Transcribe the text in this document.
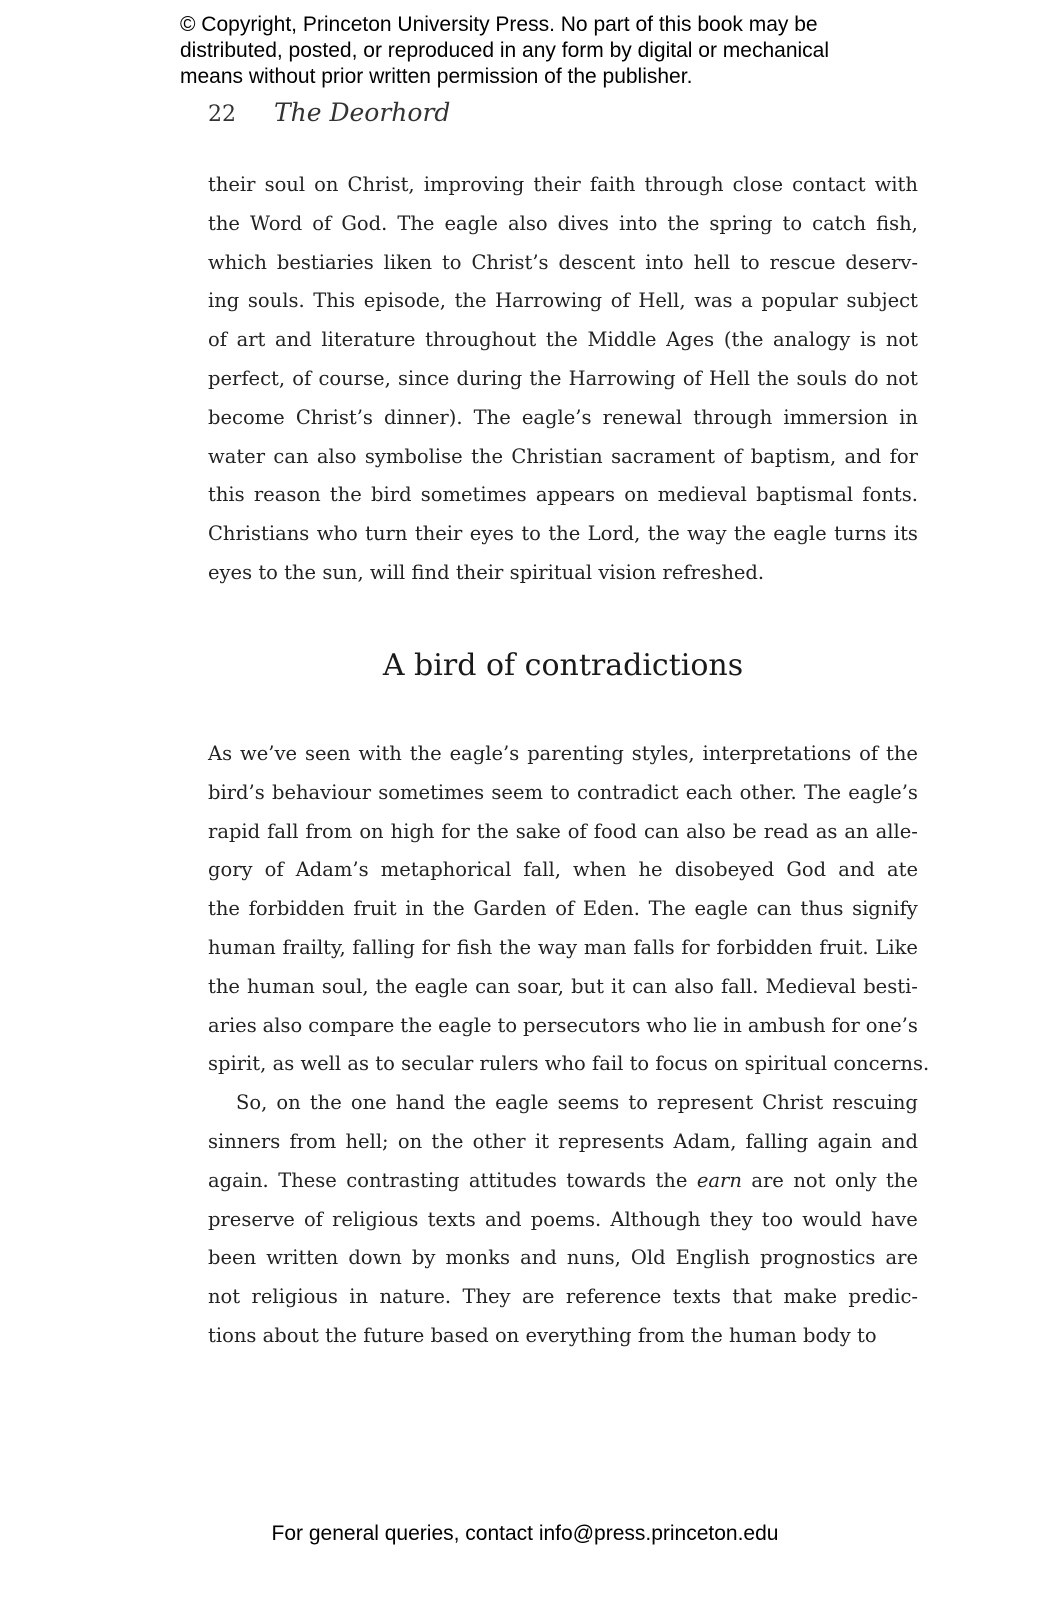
© Copyright, Princeton University Press. No part of this book may be
distributed, posted, or reproduced in any form by digital or mechanical
means without prior written permission of the publisher.
22 The Deorhord
their soul on Christ, improving their faith through close contact with
the Word of God. The eagle also dives into the spring to catch fish,
which bestiaries liken to Christ’s descent into hell to rescue deserv-
ing souls. This episode, the Harrowing of Hell, was a popular subject
of art and literature throughout the Middle Ages (the analogy is not
perfect, of course, since during the Harrowing of Hell the souls do not
become Christ’s dinner). The eagle’s renewal through immersion in
water can also symbolise the Christian sacrament of baptism, and for
this reason the bird sometimes appears on medieval baptismal fonts.
Christians who turn their eyes to the Lord, the way the eagle turns its
eyes to the sun, will find their spiritual vision refreshed.
A bird of contradictions
As we’ve seen with the eagle’s parenting styles, interpretations of the
bird’s behaviour sometimes seem to contradict each other. The eagle’s
rapid fall from on high for the sake of food can also be read as an alle-
gory of Adam’s metaphorical fall, when he disobeyed God and ate
the forbidden fruit in the Garden of Eden. The eagle can thus signify
human frailty, falling for fish the way man falls for forbidden fruit. Like
the human soul, the eagle can soar, but it can also fall. Medieval besti-
aries also compare the eagle to persecutors who lie in ambush for one’s
spirit, as well as to secular rulers who fail to focus on spiritual concerns.
So, on the one hand the eagle seems to represent Christ rescuing
sinners from hell; on the other it represents Adam, falling again and
again. These contrasting attitudes towards the earn are not only the
preserve of religious texts and poems. Although they too would have
been written down by monks and nuns, Old English prognostics are
not religious in nature. They are reference texts that make predic-
tions about the future based on everything from the human body to
For general queries, contact info@press.princeton.edu
